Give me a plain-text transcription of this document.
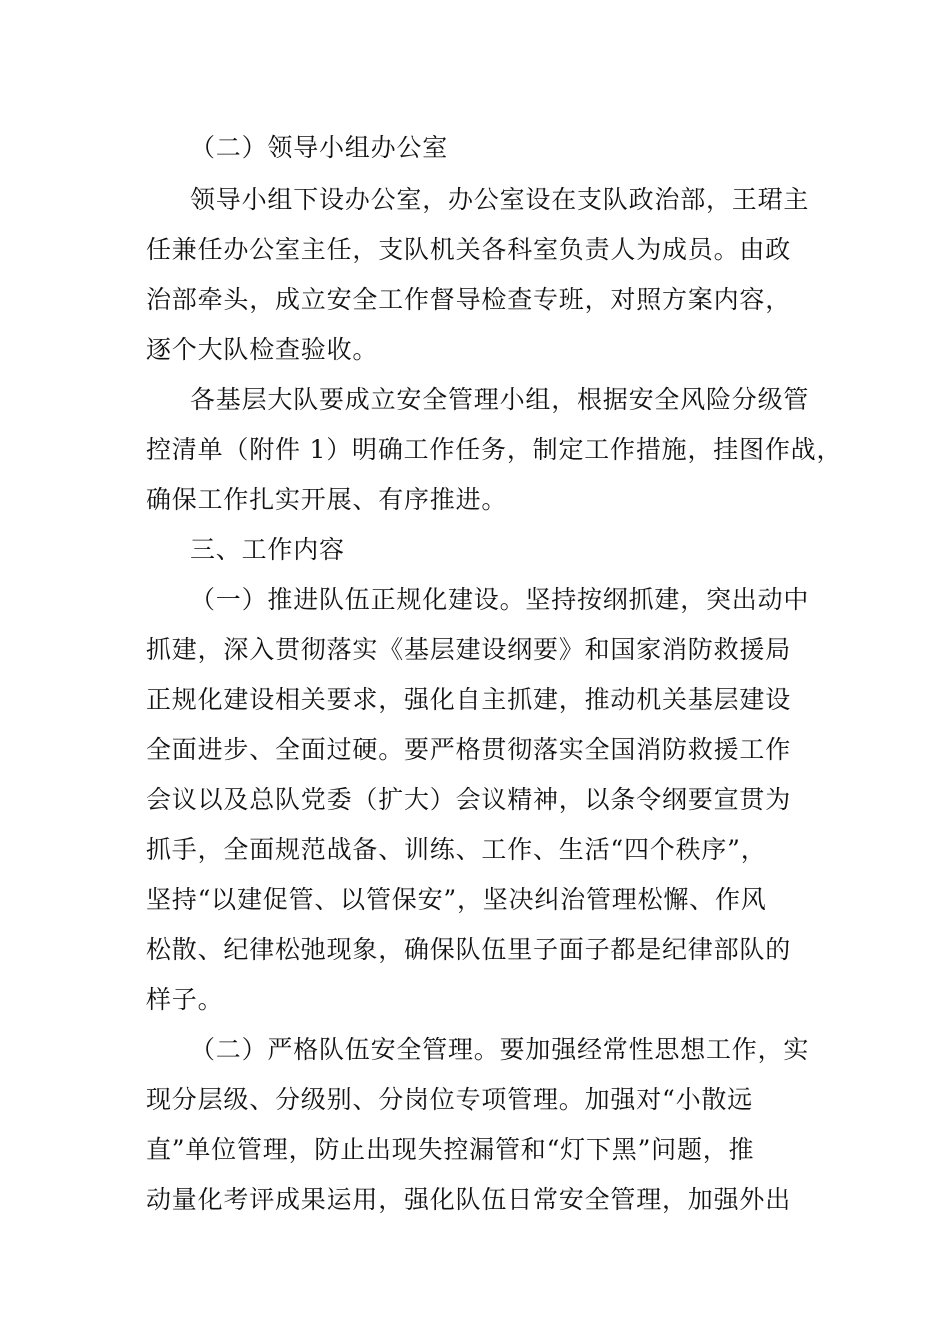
（二）领导小组办公室

领导小组下设办公室，办公室设在支队政治部，王珺主

任兼任办公室主任，支队机关各科室负责人为成员。由政

治部牵头，成立安全工作督导检查专班，对照方案内容，

逐个大队检查验收。

各基层大队要成立安全管理小组，根据安全风险分级管

控清单（附件 1）明确工作任务，制定工作措施，挂图作战，

确保工作扎实开展、有序推进。

三、工作内容

（一）推进队伍正规化建设。坚持按纲抓建，突出动中

抓建，深入贯彻落实《基层建设纲要》和国家消防救援局

正规化建设相关要求，强化自主抓建，推动机关基层建设

全面进步、全面过硬。要严格贯彻落实全国消防救援工作

会议以及总队党委（扩大）会议精神，以条令纲要宣贯为

抓手，全面规范战备、训练、工作、生活“四个秩序”，

坚持“以建促管、以管保安”，坚决纠治管理松懈、作风

松散、纪律松弛现象，确保队伍里子面子都是纪律部队的

样子。

（二）严格队伍安全管理。要加强经常性思想工作，实

现分层级、分级别、分岗位专项管理。加强对“小散远

直”单位管理，防止出现失控漏管和“灯下黑”问题，推

动量化考评成果运用，强化队伍日常安全管理，加强外出
